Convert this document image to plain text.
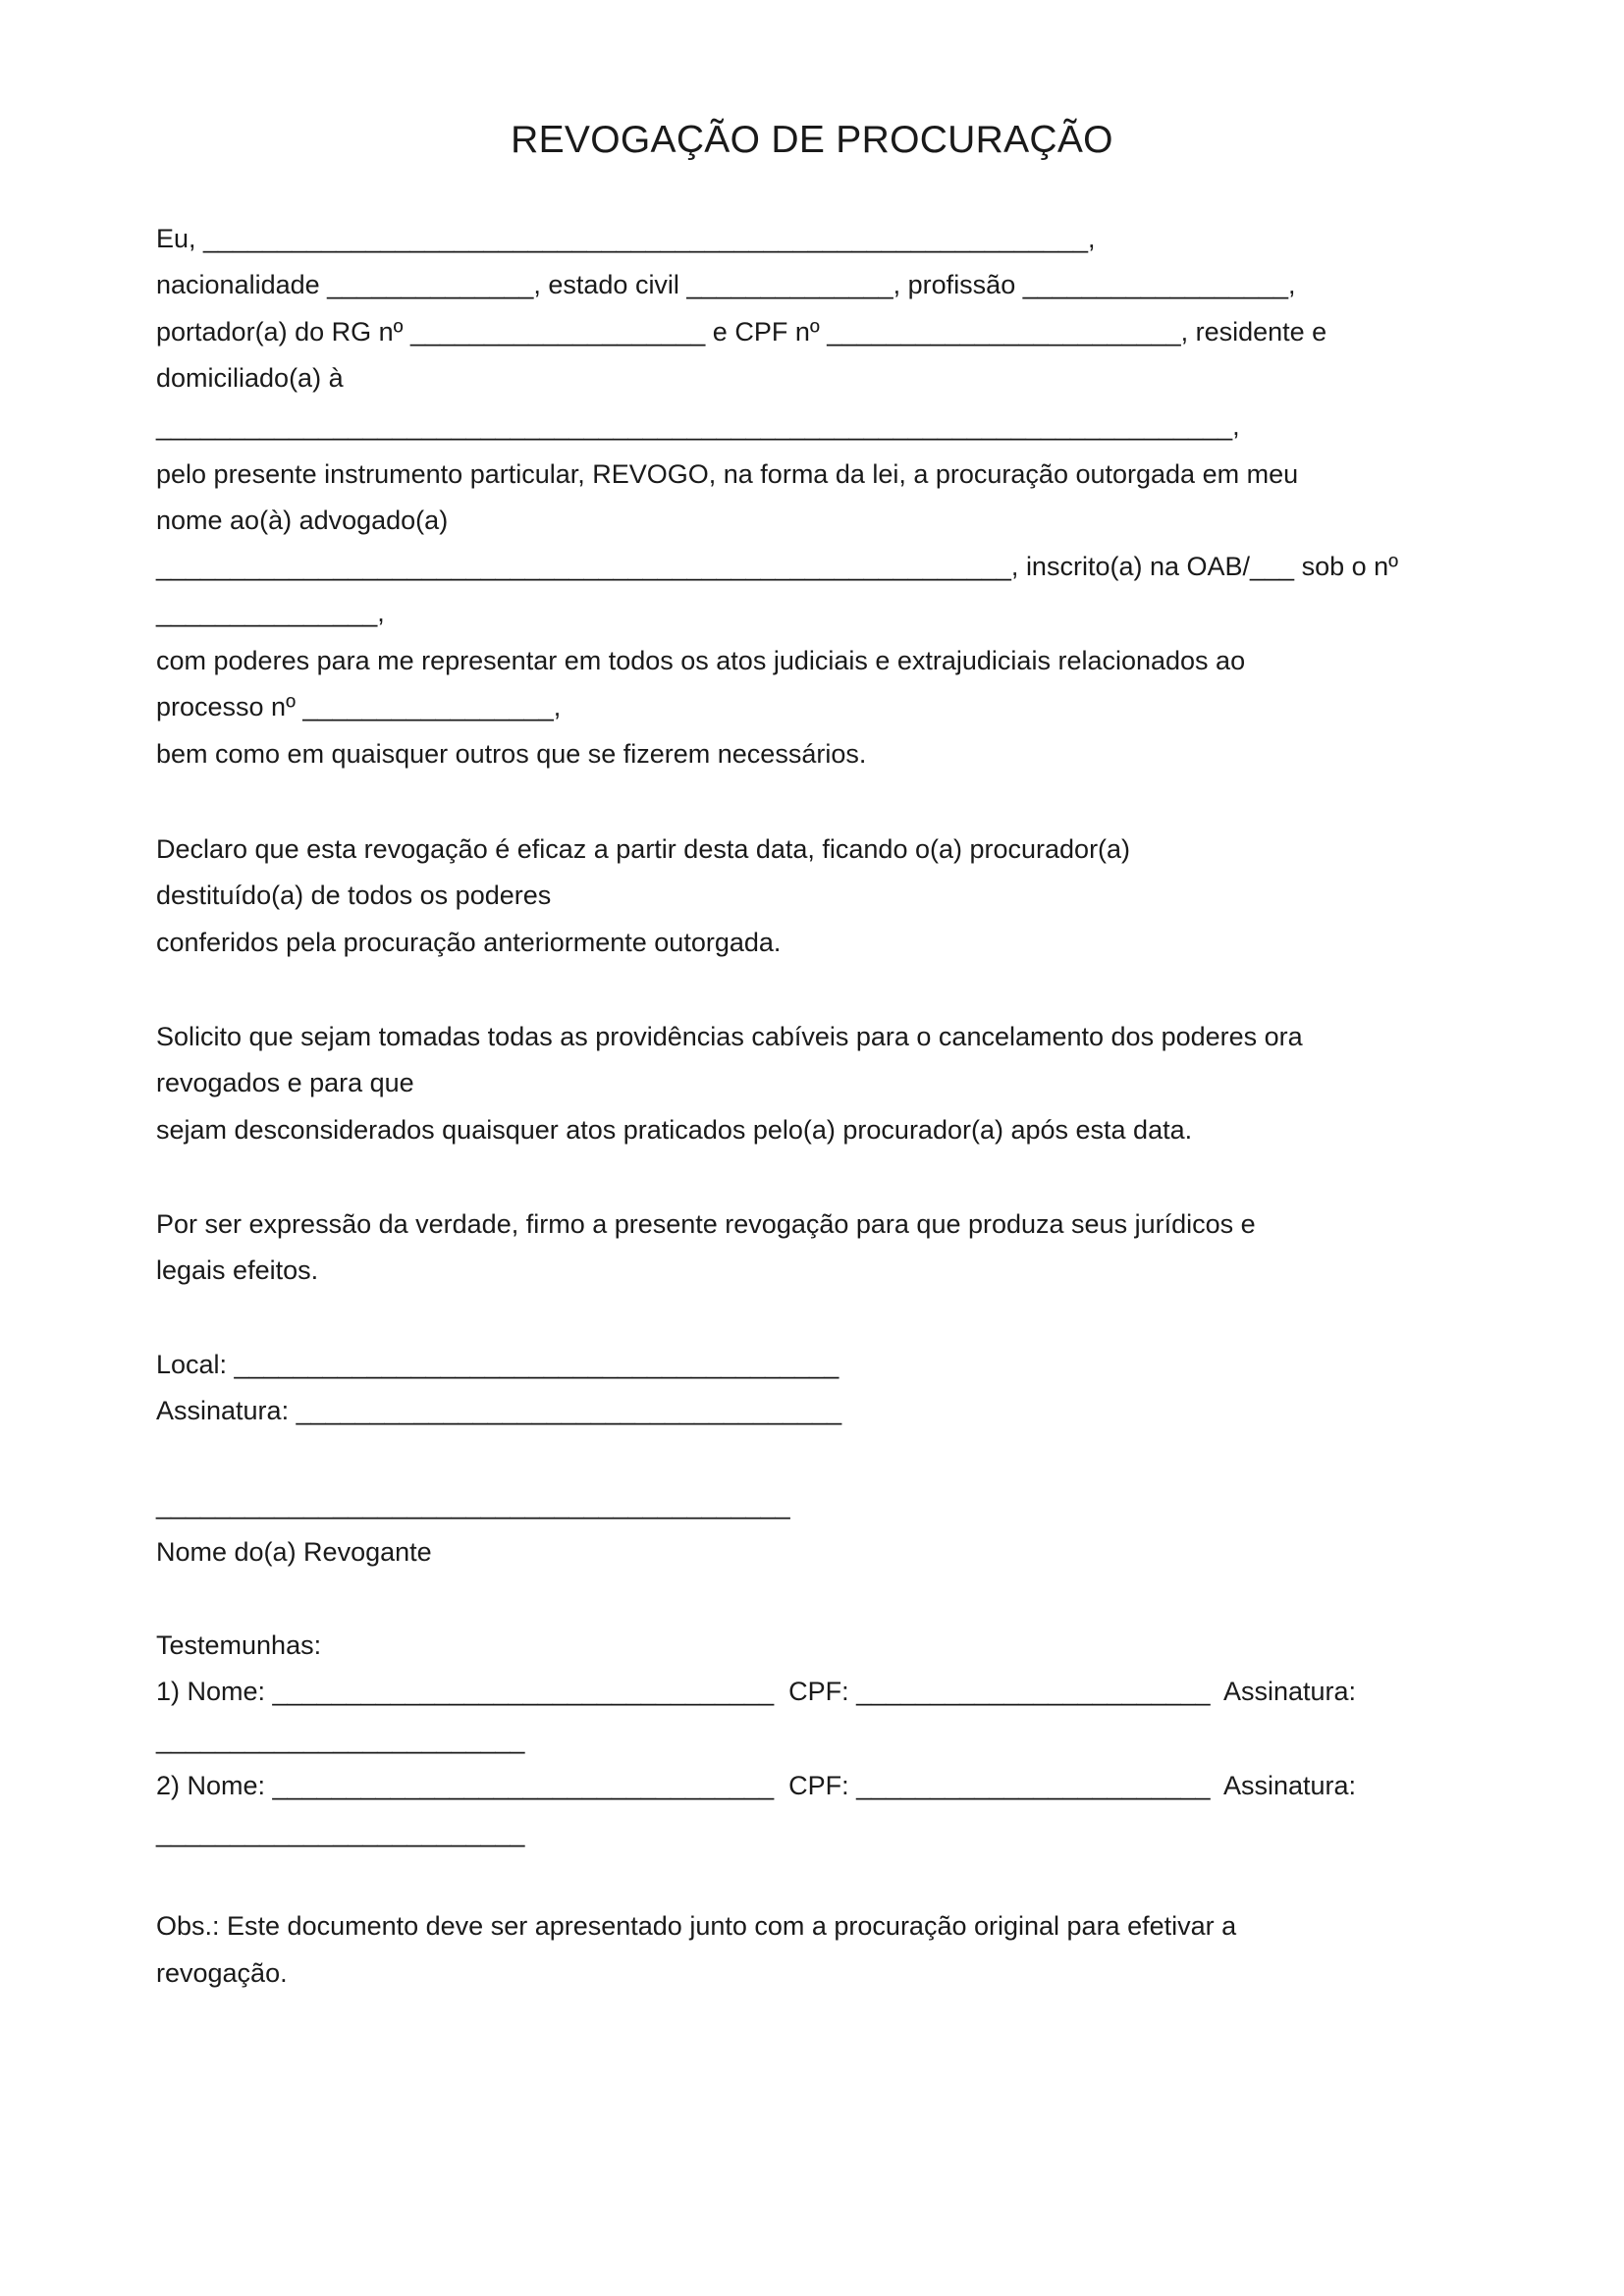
REVOGAÇÃO DE PROCURAÇÃO
Eu, ____________________________________________________________,
nacionalidade ______________, estado civil ______________, profissão __________________,
portador(a) do RG nº ____________________ e CPF nº ________________________, residente e
domiciliado(a) à
_________________________________________________________________________,
pelo presente instrumento particular, REVOGO, na forma da lei, a procuração outorgada em meu
nome ao(à) advogado(a)
__________________________________________________________, inscrito(a) na OAB/___ sob o nº
_______________,
com poderes para me representar em todos os atos judiciais e extrajudiciais relacionados ao
processo nº _________________,
bem como em quaisquer outros que se fizerem necessários.
Declaro que esta revogação é eficaz a partir desta data, ficando o(a) procurador(a)
destituído(a) de todos os poderes
conferidos pela procuração anteriormente outorgada.
Solicito que sejam tomadas todas as providências cabíveis para o cancelamento dos poderes ora
revogados e para que
sejam desconsiderados quaisquer atos praticados pelo(a) procurador(a) após esta data.
Por ser expressão da verdade, firmo a presente revogação para que produza seus jurídicos e
legais efeitos.
Local: _________________________________________
Assinatura: _____________________________________
___________________________________________
Nome do(a) Revogante
Testemunhas:
1) Nome: __________________________________  CPF: ________________________  Assinatura:
_________________________
2) Nome: __________________________________  CPF: ________________________  Assinatura:
_________________________
Obs.: Este documento deve ser apresentado junto com a procuração original para efetivar a
revogação.
